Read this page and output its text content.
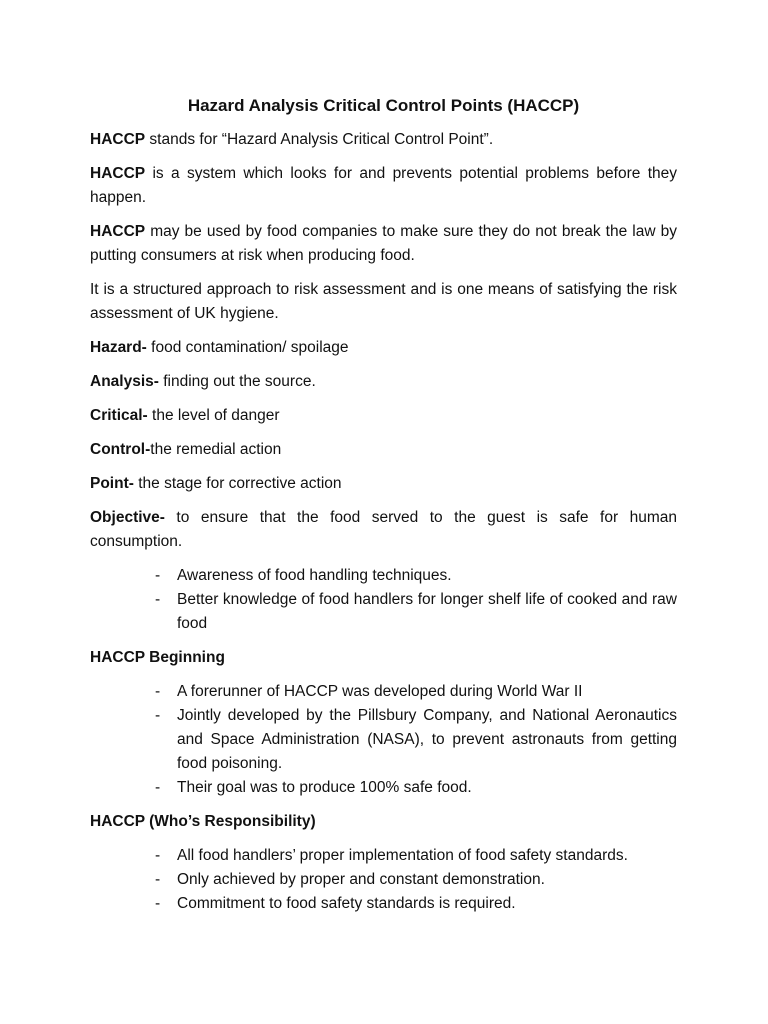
Hazard Analysis Critical Control Points (HACCP)

HACCP stands for “Hazard Analysis Critical Control Point”.

HACCP is a system which looks for and prevents potential problems before they happen.

HACCP may be used by food companies to make sure they do not break the law by putting consumers at risk when producing food.

It is a structured approach to risk assessment and is one means of satisfying the risk assessment of UK hygiene.

Hazard- food contamination/ spoilage

Analysis- finding out the source.

Critical- the level of danger

Control-the remedial action

Point- the stage for corrective action

Objective- to ensure that the food served to the guest is safe for human consumption.

- Awareness of food handling techniques.
- Better knowledge of food handlers for longer shelf life of cooked and raw food
HACCP Beginning
- A forerunner of HACCP was developed during World War II
- Jointly developed by the Pillsbury Company, and National Aeronautics and Space Administration (NASA), to prevent astronauts from getting food poisoning.
- Their goal was to produce 100% safe food.
HACCP (Who’s Responsibility)
- All food handlers’ proper implementation of food safety standards.
- Only achieved by proper and constant demonstration.
- Commitment to food safety standards is required.
